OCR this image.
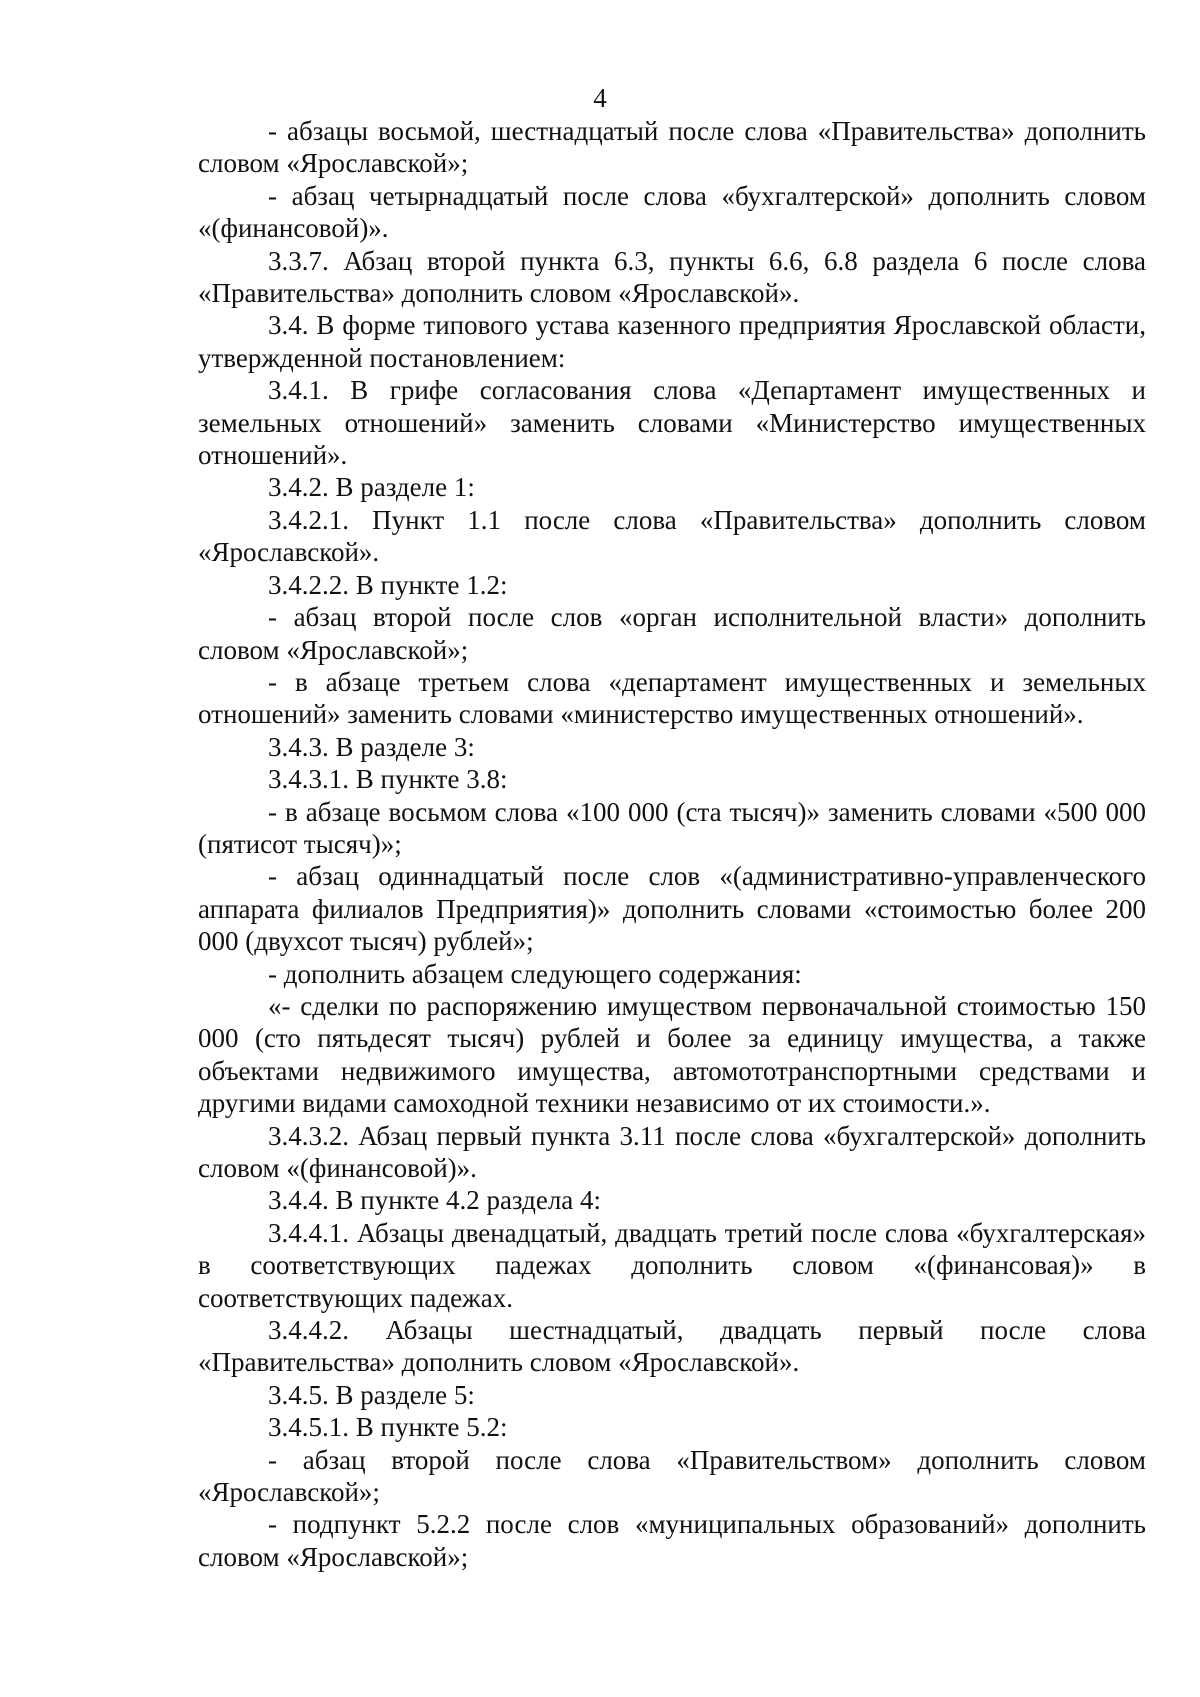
4

- абзацы восьмой, шестнадцатый после слова «Правительства» дополнить словом «Ярославской»;

- абзац четырнадцатый после слова «бухгалтерской» дополнить словом «(финансовой)».

3.3.7. Абзац второй пункта 6.3, пункты 6.6, 6.8 раздела 6 после слова «Правительства» дополнить словом «Ярославской».

3.4. В форме типового устава казенного предприятия Ярославской области, утвержденной постановлением:

3.4.1. В грифе согласования слова «Департамент имущественных и земельных отношений» заменить словами «Министерство имущественных отношений».

3.4.2. В разделе 1:

3.4.2.1. Пункт 1.1 после слова «Правительства» дополнить словом «Ярославской».

3.4.2.2. В пункте 1.2:

- абзац второй после слов «орган исполнительной власти» дополнить словом «Ярославской»;

- в абзаце третьем слова «департамент имущественных и земельных отношений» заменить словами «министерство имущественных отношений».

3.4.3. В разделе 3:

3.4.3.1. В пункте 3.8:

- в абзаце восьмом слова «100 000 (ста тысяч)» заменить словами «500 000 (пятисот тысяч)»;

- абзац одиннадцатый после слов «(административно-управленческого аппарата филиалов Предприятия)» дополнить словами «стоимостью более 200 000 (двухсот тысяч) рублей»;

- дополнить абзацем следующего содержания:

«- сделки по распоряжению имуществом первоначальной стоимостью 150 000 (сто пятьдесят тысяч) рублей и более за единицу имущества, а также объектами недвижимого имущества, автомототранспортными средствами и другими видами самоходной техники независимо от их стоимости.».

3.4.3.2. Абзац первый пункта 3.11 после слова «бухгалтерской» дополнить словом «(финансовой)».

3.4.4. В пункте 4.2 раздела 4:

3.4.4.1. Абзацы двенадцатый, двадцать третий после слова «бухгалтерская» в соответствующих падежах дополнить словом «(финансовая)» в соответствующих падежах.

3.4.4.2. Абзацы шестнадцатый, двадцать первый после слова «Правительства» дополнить словом «Ярославской».

3.4.5. В разделе 5:

3.4.5.1. В пункте 5.2:

- абзац второй после слова «Правительством» дополнить словом «Ярославской»;

- подпункт 5.2.2 после слов «муниципальных образований» дополнить словом «Ярославской»;
